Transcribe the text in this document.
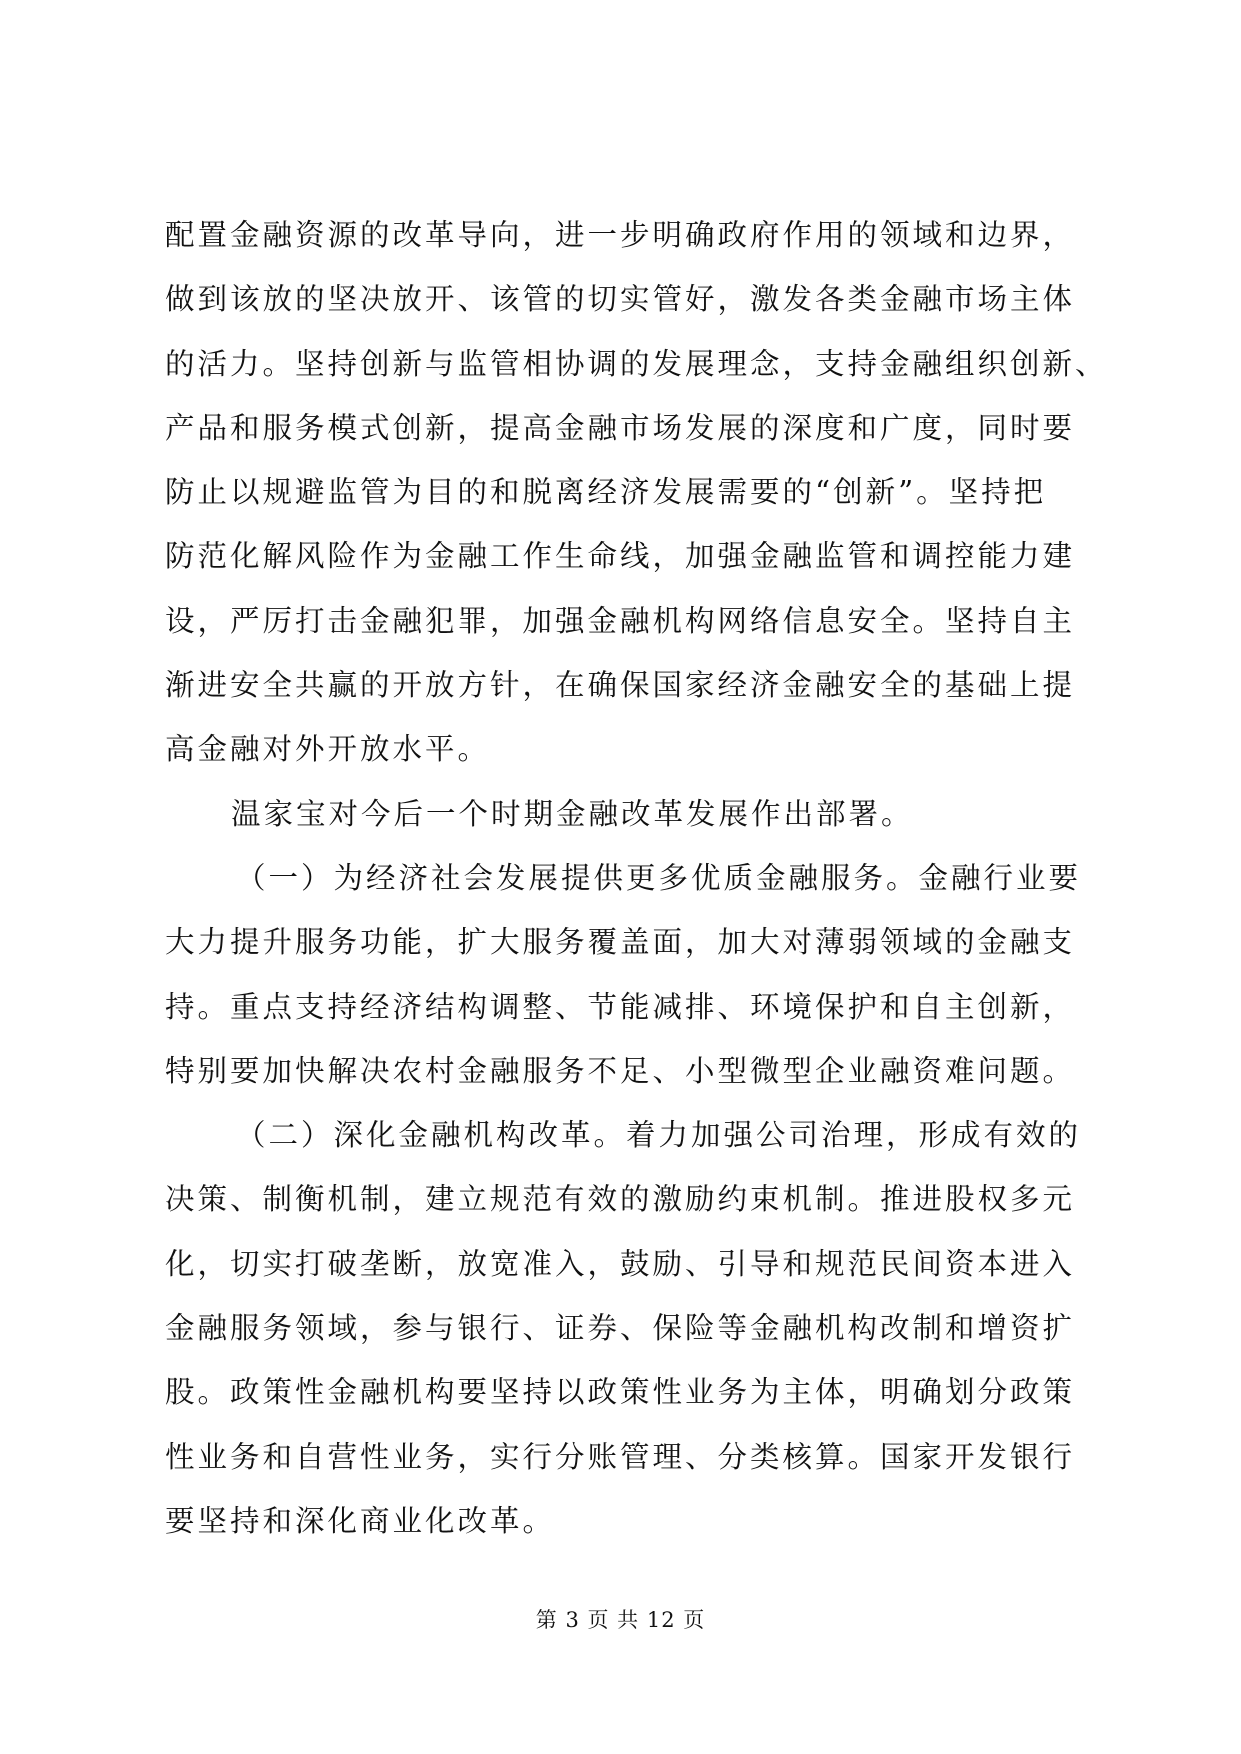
配置金融资源的改革导向，进一步明确政府作用的领域和边界，
做到该放的坚决放开、该管的切实管好，激发各类金融市场主体
的活力。坚持创新与监管相协调的发展理念，支持金融组织创新、
产品和服务模式创新，提高金融市场发展的深度和广度，同时要
防止以规避监管为目的和脱离经济发展需要的“创新”。坚持把
防范化解风险作为金融工作生命线，加强金融监管和调控能力建
设，严厉打击金融犯罪，加强金融机构网络信息安全。坚持自主
渐进安全共赢的开放方针，在确保国家经济金融安全的基础上提
高金融对外开放水平。
温家宝对今后一个时期金融改革发展作出部署。
（一）为经济社会发展提供更多优质金融服务。金融行业要
大力提升服务功能，扩大服务覆盖面，加大对薄弱领域的金融支
持。重点支持经济结构调整、节能减排、环境保护和自主创新，
特别要加快解决农村金融服务不足、小型微型企业融资难问题。
（二）深化金融机构改革。着力加强公司治理，形成有效的
决策、制衡机制，建立规范有效的激励约束机制。推进股权多元
化，切实打破垄断，放宽准入，鼓励、引导和规范民间资本进入
金融服务领域，参与银行、证券、保险等金融机构改制和增资扩
股。政策性金融机构要坚持以政策性业务为主体，明确划分政策
性业务和自营性业务，实行分账管理、分类核算。国家开发银行
要坚持和深化商业化改革。
第 3 页 共 12 页
